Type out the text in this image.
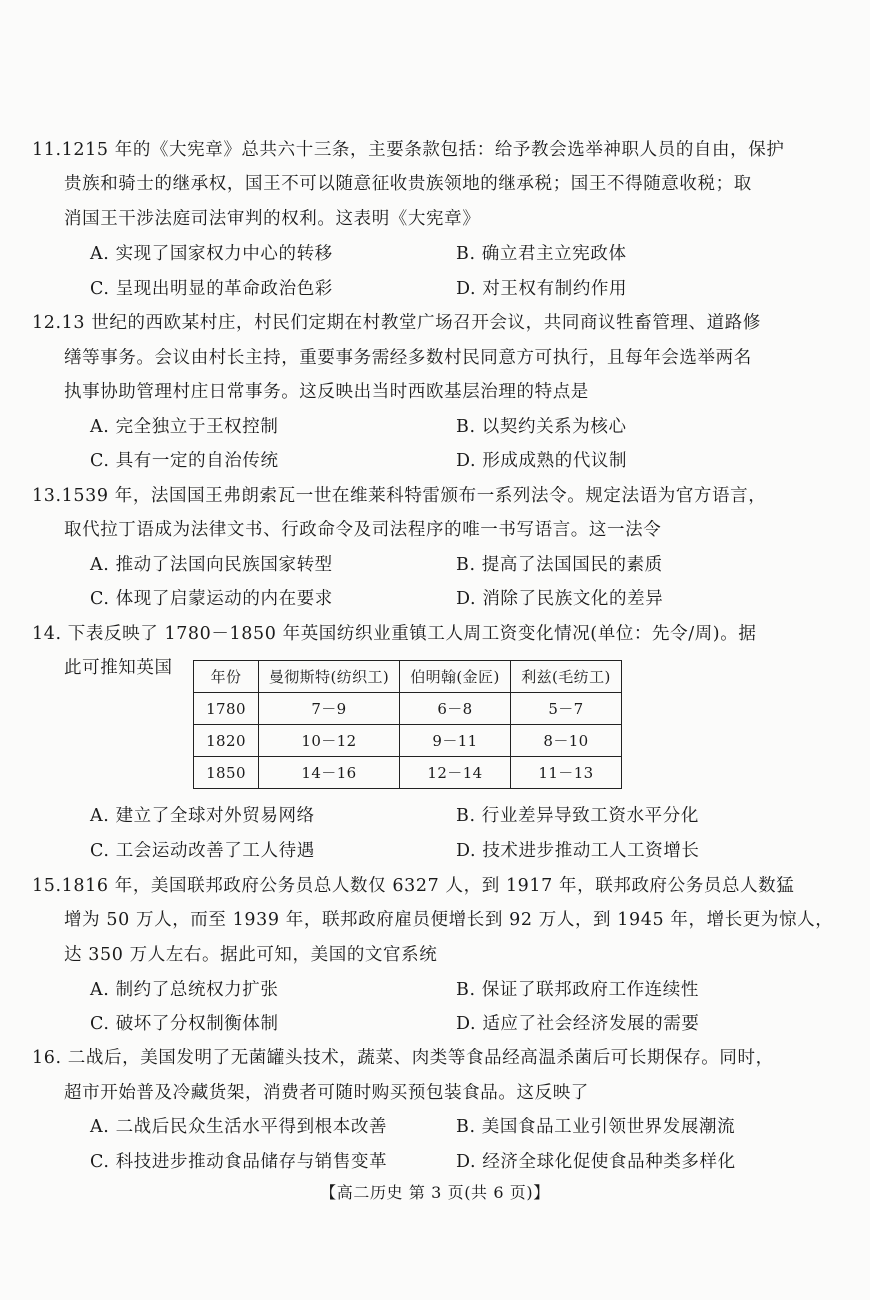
11.1215 年的《大宪章》总共六十三条，主要条款包括：给予教会选举神职人员的自由，保护
贵族和骑士的继承权，国王不可以随意征收贵族领地的继承税；国王不得随意收税；取
消国王干涉法庭司法审判的权利。这表明《大宪章》
A. 实现了国家权力中心的转移	B. 确立君主立宪政体
C. 呈现出明显的革命政治色彩	D. 对王权有制约作用
12.13 世纪的西欧某村庄，村民们定期在村教堂广场召开会议，共同商议牲畜管理、道路修
缮等事务。会议由村长主持，重要事务需经多数村民同意方可执行，且每年会选举两名
执事协助管理村庄日常事务。这反映出当时西欧基层治理的特点是
A. 完全独立于王权控制	B. 以契约关系为核心
C. 具有一定的自治传统	D. 形成成熟的代议制
13.1539 年，法国国王弗朗索瓦一世在维莱科特雷颁布一系列法令。规定法语为官方语言，
取代拉丁语成为法律文书、行政命令及司法程序的唯一书写语言。这一法令
A. 推动了法国向民族国家转型	B. 提高了法国国民的素质
C. 体现了启蒙运动的内在要求	D. 消除了民族文化的差异
14. 下表反映了 1780－1850 年英国纺织业重镇工人周工资变化情况(单位：先令/周)。据
此可推知英国	年份	曼彻斯特(纺织工)	伯明翰(金匠)	利兹(毛纺工)
1780	7－9	6－8	5－7
1820	10－12	9－11	8－10
1850	14－16	12－14	11－13
A. 建立了全球对外贸易网络	B. 行业差异导致工资水平分化
C. 工会运动改善了工人待遇	D. 技术进步推动工人工资增长
15.1816 年，美国联邦政府公务员总人数仅 6327 人，到 1917 年，联邦政府公务员总人数猛
增为 50 万人，而至 1939 年，联邦政府雇员便增长到 92 万人，到 1945 年，增长更为惊人，
达 350 万人左右。据此可知，美国的文官系统
A. 制约了总统权力扩张	B. 保证了联邦政府工作连续性
C. 破坏了分权制衡体制	D. 适应了社会经济发展的需要
16. 二战后，美国发明了无菌罐头技术，蔬菜、肉类等食品经高温杀菌后可长期保存。同时，
超市开始普及冷藏货架，消费者可随时购买预包装食品。这反映了
A. 二战后民众生活水平得到根本改善	B. 美国食品工业引领世界发展潮流
C. 科技进步推动食品储存与销售变革	D. 经济全球化促使食品种类多样化
【高二历史 第 3 页(共 6 页)】
